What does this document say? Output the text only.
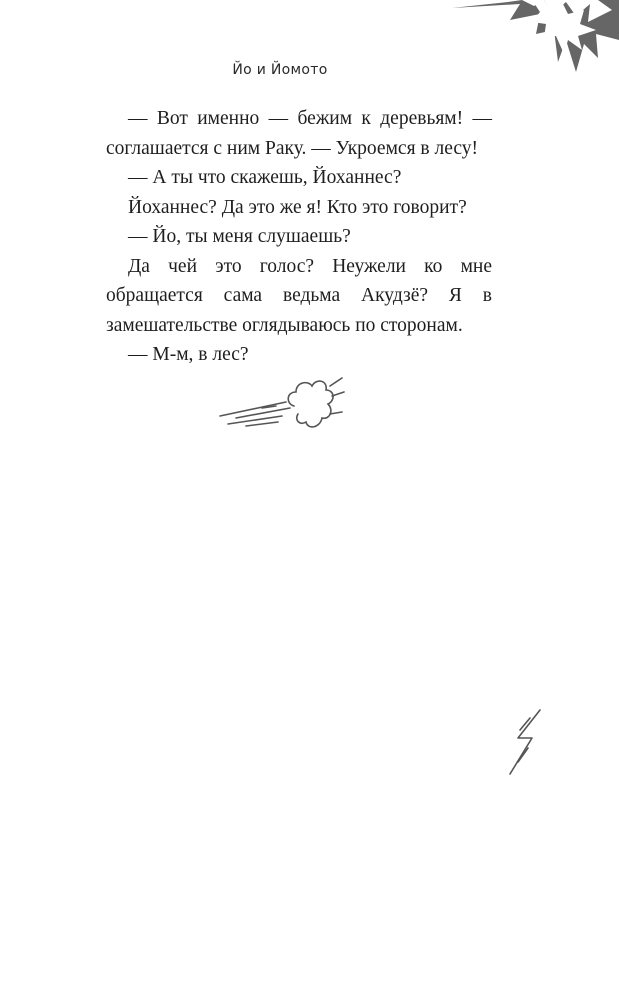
Йо и Йомото

— Вот именно — бежим к деревьям! — соглашается с ним Раку. — Укроемся в лесу!

— А ты что скажешь, Йоханнес?

Йоханнес? Да это же я! Кто это говорит?

— Йо, ты меня слушаешь?

Да чей это голос? Неужели ко мне обращается сама ведьма Акудзё? Я в замешательстве оглядываюсь по сторонам.

— М-м, в лес?
